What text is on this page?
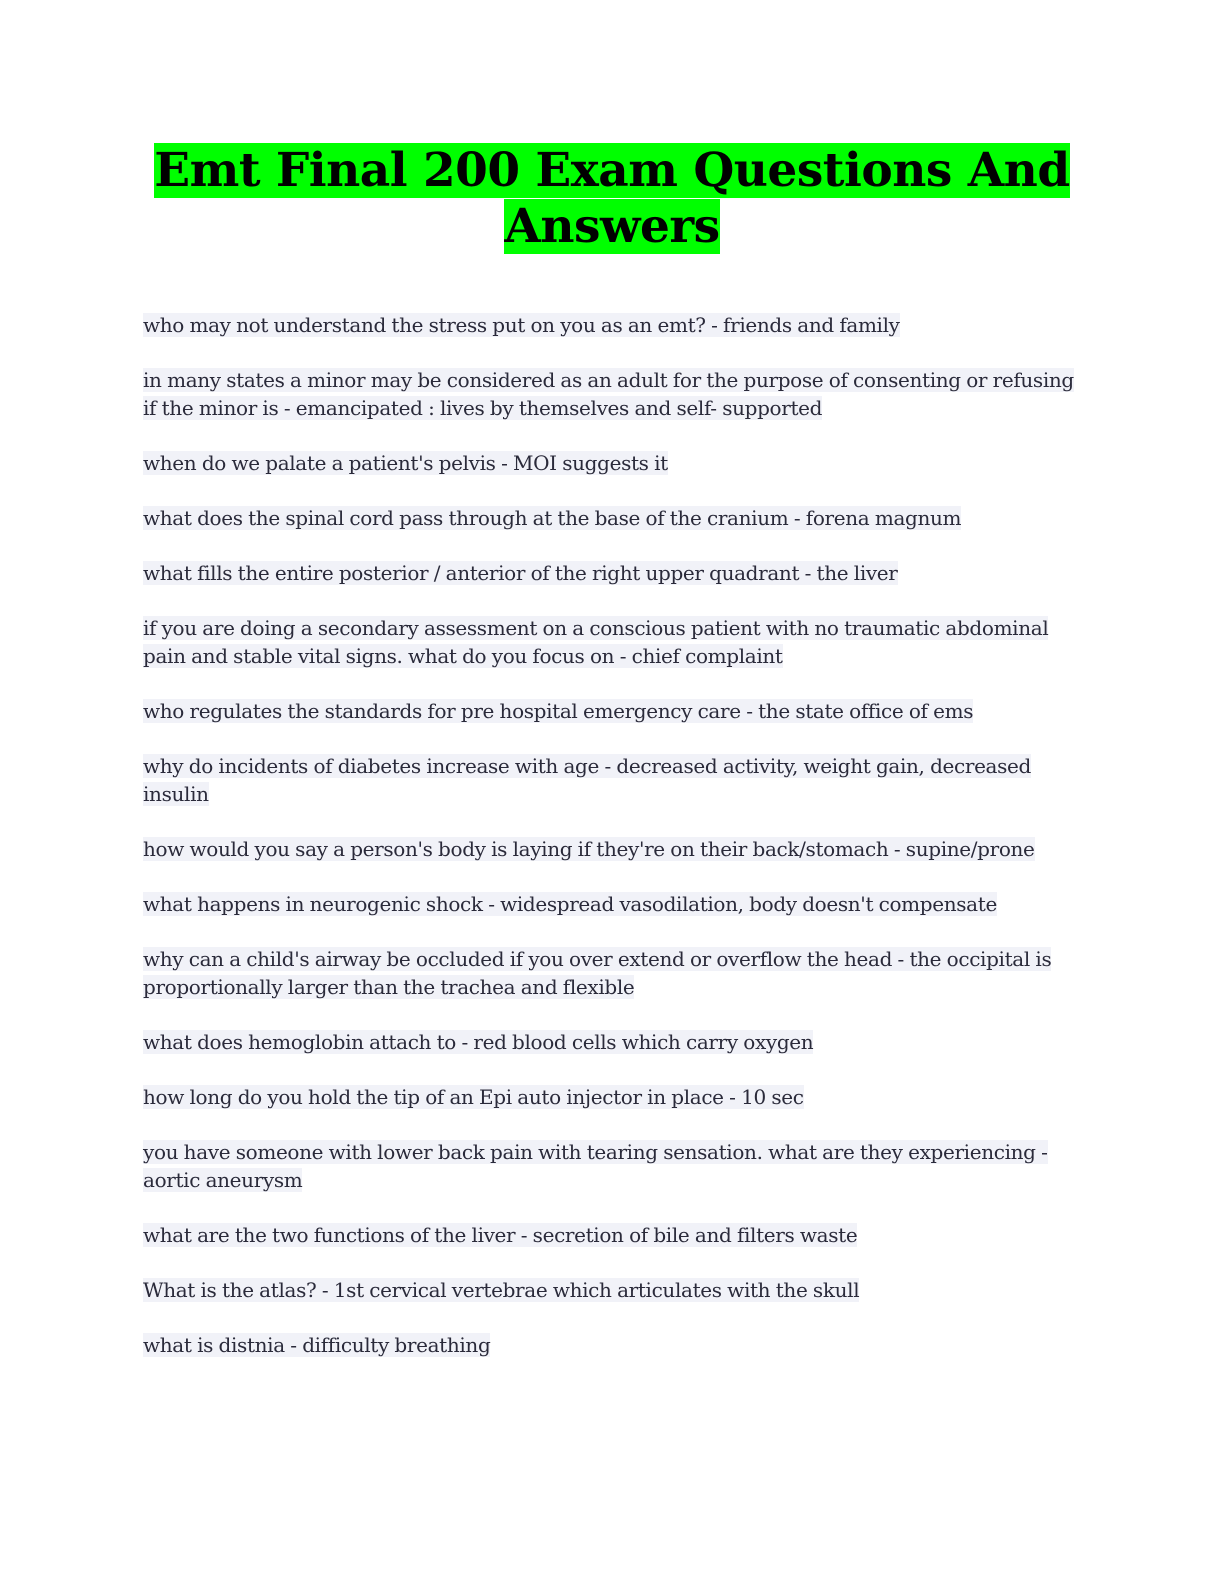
Emt Final 200 Exam Questions And Answers

who may not understand the stress put on you as an emt? - friends and family

in many states a minor may be considered as an adult for the purpose of consenting or refusing if the minor is - emancipated : lives by themselves and self- supported

when do we palate a patient's pelvis - MOI suggests it

what does the spinal cord pass through at the base of the cranium - forena magnum

what fills the entire posterior / anterior of the right upper quadrant - the liver

if you are doing a secondary assessment on a conscious patient with no traumatic abdominal pain and stable vital signs. what do you focus on - chief complaint

who regulates the standards for pre hospital emergency care - the state office of ems

why do incidents of diabetes increase with age - decreased activity, weight gain, decreased insulin

how would you say a person's body is laying if they're on their back/stomach - supine/prone

what happens in neurogenic shock - widespread vasodilation, body doesn't compensate

why can a child's airway be occluded if you over extend or overflow the head - the occipital is proportionally larger than the trachea and flexible

what does hemoglobin attach to - red blood cells which carry oxygen

how long do you hold the tip of an Epi auto injector in place - 10 sec

you have someone with lower back pain with tearing sensation. what are they experiencing - aortic aneurysm

what are the two functions of the liver - secretion of bile and filters waste

What is the atlas? - 1st cervical vertebrae which articulates with the skull

what is distnia - difficulty breathing
